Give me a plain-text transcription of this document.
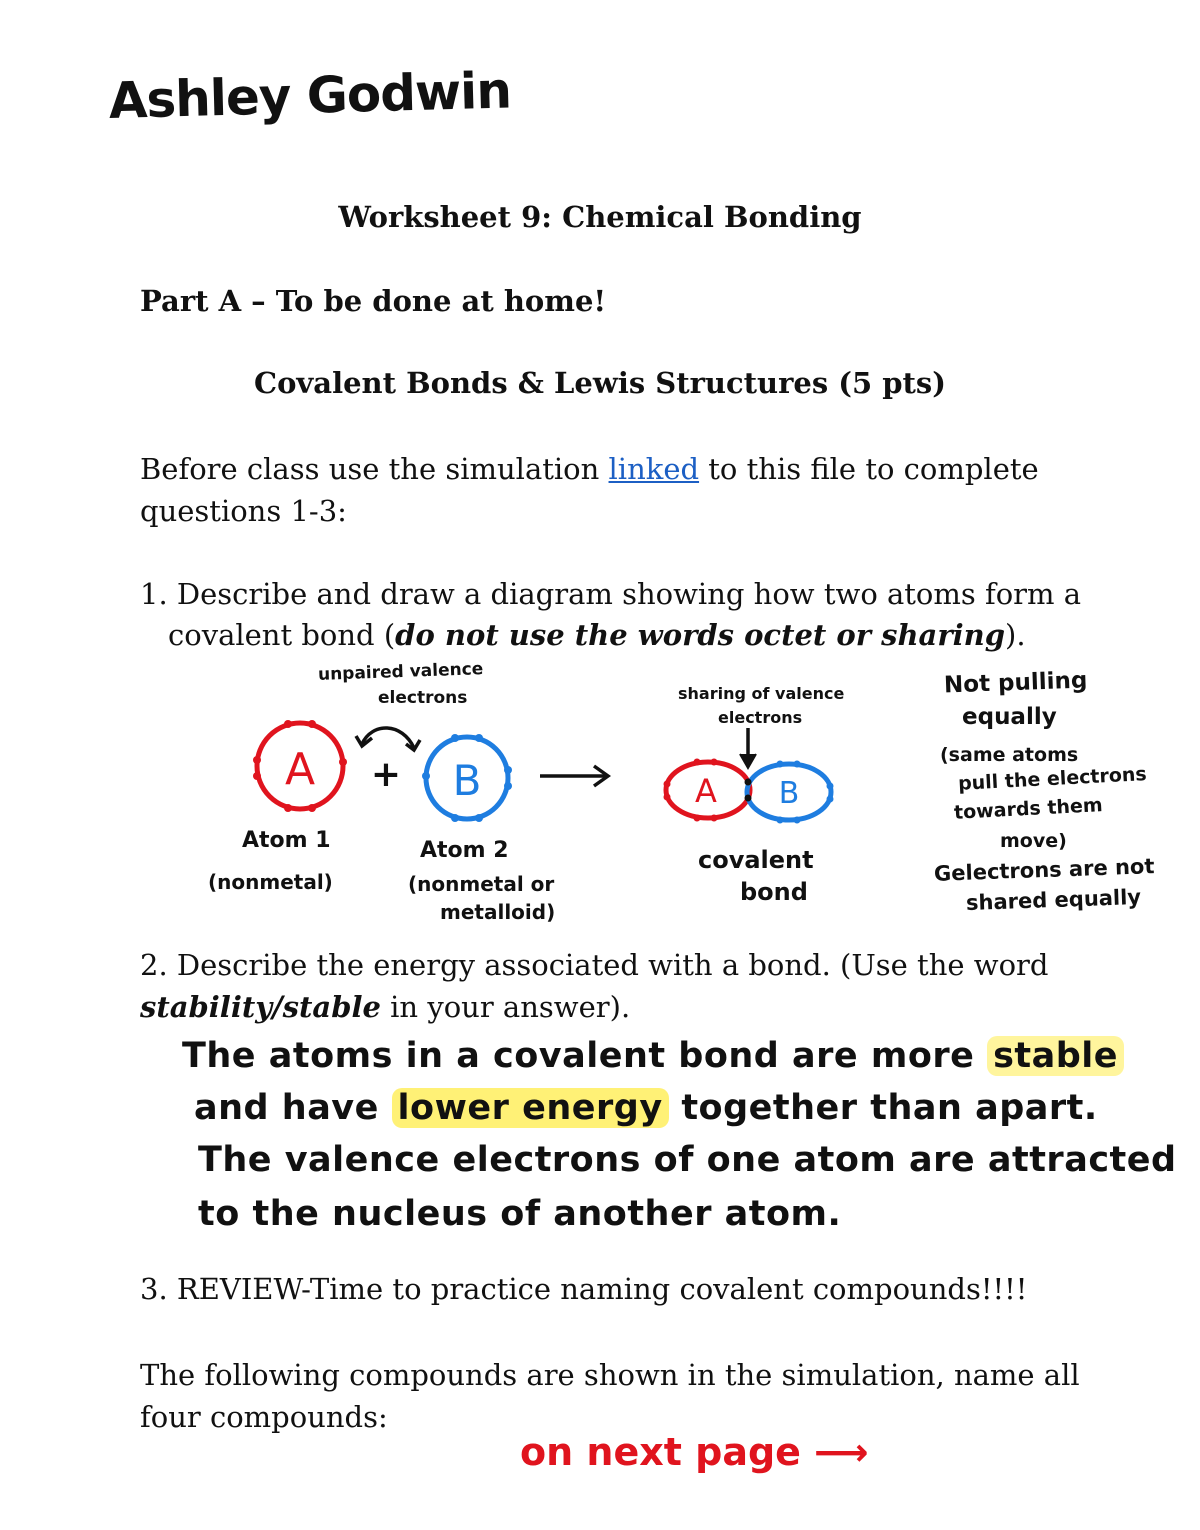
Ashley Godwin
Worksheet 9: Chemical Bonding
Part A – To be done at home!
Covalent Bonds & Lewis Structures (5 pts)
Before class use the simulation linked to this file to complete questions 1-3:
1. Describe and draw a diagram showing how two atoms form a
covalent bond (do not use the words octet or sharing).
A + B	A B
unpaired valence
electrons
Atom 1
(nonmetal)
Atom 2
(nonmetal or
metalloid)
sharing of valence
electrons
covalent
bond
Not pulling
equally
(same atoms
pull the electrons
towards them
move)
Gelectrons are not
shared equally
2. Describe the energy associated with a bond. (Use the word
stability/stable in your answer).
The atoms in a covalent bond are more stable
and have lower energy together than apart.
The valence electrons of one atom are attracted
to the nucleus of another atom.
3. REVIEW-Time to practice naming covalent compounds!!!!
The following compounds are shown in the simulation, name all four compounds:
on next page ⟶
